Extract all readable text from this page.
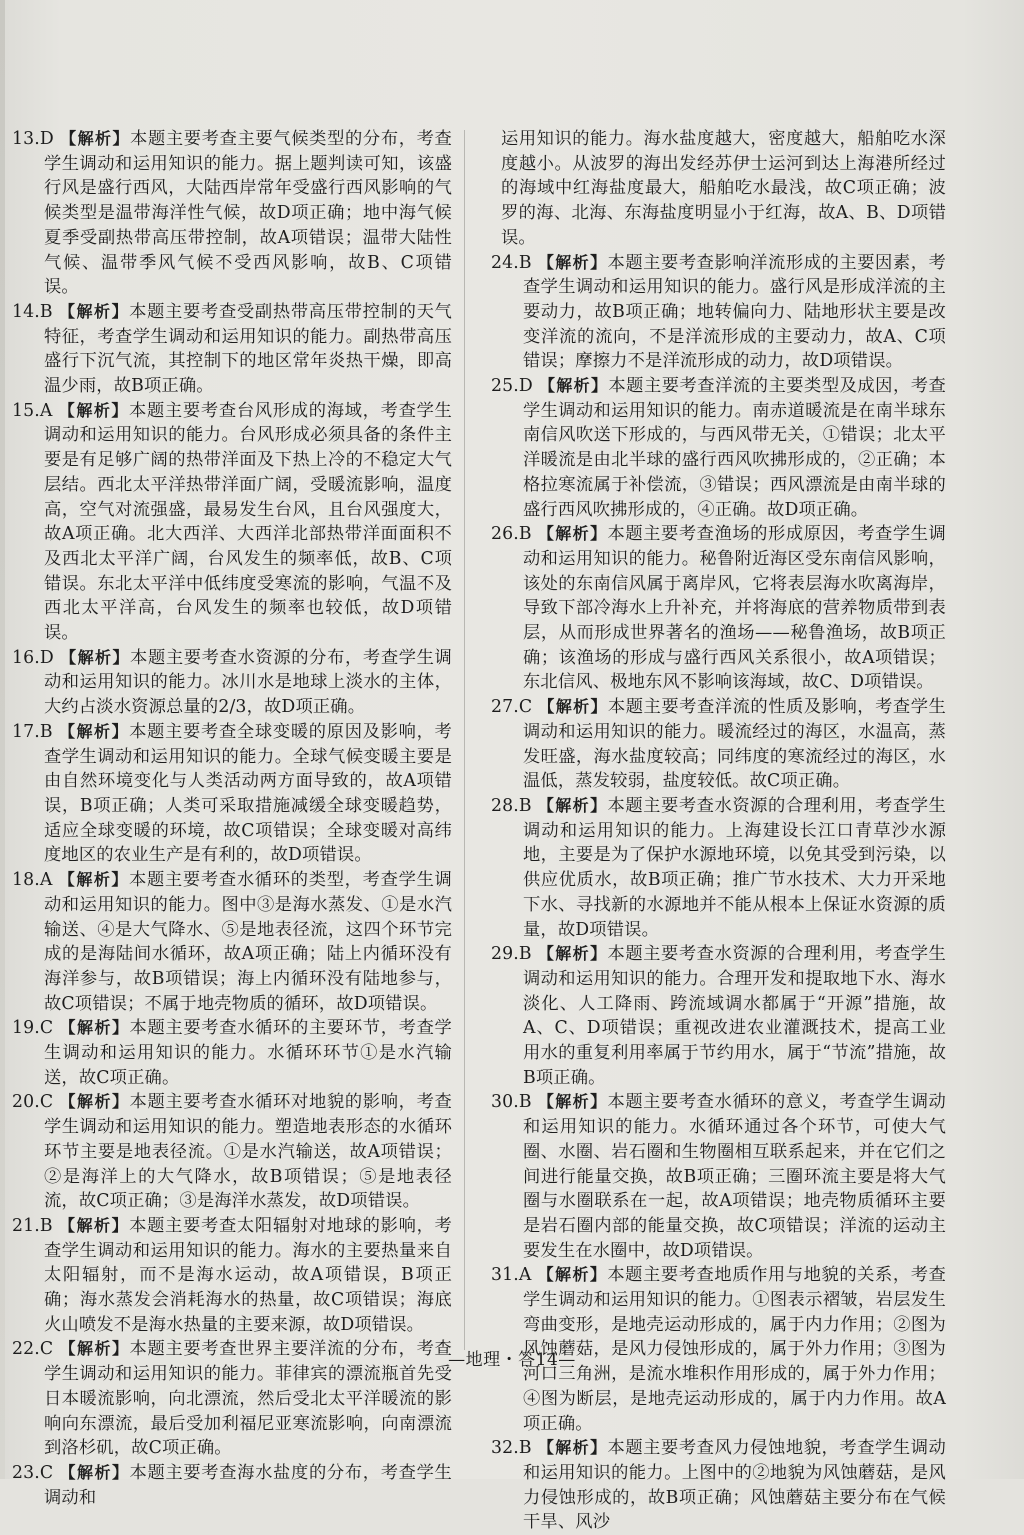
13.D 【解析】本题主要考查主要气候类型的分布，考查学生调动和运用知识的能力。据上题判读可知，该盛行风是盛行西风，大陆西岸常年受盛行西风影响的气候类型是温带海洋性气候，故D项正确；地中海气候夏季受副热带高压带控制，故A项错误；温带大陆性气候、温带季风气候不受西风影响，故B、C项错误。
14.B 【解析】本题主要考查受副热带高压带控制的天气特征，考查学生调动和运用知识的能力。副热带高压盛行下沉气流，其控制下的地区常年炎热干燥，即高温少雨，故B项正确。
15.A 【解析】本题主要考查台风形成的海域，考查学生调动和运用知识的能力。台风形成必须具备的条件主要是有足够广阔的热带洋面及下热上冷的不稳定大气层结。西北太平洋热带洋面广阔，受暖流影响，温度高，空气对流强盛，最易发生台风，且台风强度大，故A项正确。北大西洋、大西洋北部热带洋面面积不及西北太平洋广阔，台风发生的频率低，故B、C项错误。东北太平洋中低纬度受寒流的影响，气温不及西北太平洋高，台风发生的频率也较低，故D项错误。
16.D 【解析】本题主要考查水资源的分布，考查学生调动和运用知识的能力。冰川水是地球上淡水的主体，大约占淡水资源总量的2/3，故D项正确。
17.B 【解析】本题主要考查全球变暖的原因及影响，考查学生调动和运用知识的能力。全球气候变暖主要是由自然环境变化与人类活动两方面导致的，故A项错误，B项正确；人类可采取措施减缓全球变暖趋势，适应全球变暖的环境，故C项错误；全球变暖对高纬度地区的农业生产是有利的，故D项错误。
18.A 【解析】本题主要考查水循环的类型，考查学生调动和运用知识的能力。图中③是海水蒸发、①是水汽输送、④是大气降水、⑤是地表径流，这四个环节完成的是海陆间水循环，故A项正确；陆上内循环没有海洋参与，故B项错误；海上内循环没有陆地参与，故C项错误；不属于地壳物质的循环，故D项错误。
19.C 【解析】本题主要考查水循环的主要环节，考查学生调动和运用知识的能力。水循环环节①是水汽输送，故C项正确。
20.C 【解析】本题主要考查水循环对地貌的影响，考查学生调动和运用知识的能力。塑造地表形态的水循环环节主要是地表径流。①是水汽输送，故A项错误；②是海洋上的大气降水，故B项错误；⑤是地表径流，故C项正确；③是海洋水蒸发，故D项错误。
21.B 【解析】本题主要考查太阳辐射对地球的影响，考查学生调动和运用知识的能力。海水的主要热量来自太阳辐射，而不是海水运动，故A项错误，B项正确；海水蒸发会消耗海水的热量，故C项错误；海底火山喷发不是海水热量的主要来源，故D项错误。
22.C 【解析】本题主要考查世界主要洋流的分布，考查学生调动和运用知识的能力。菲律宾的漂流瓶首先受日本暖流影响，向北漂流，然后受北太平洋暖流的影响向东漂流，最后受加利福尼亚寒流影响，向南漂流到洛杉矶，故C项正确。
23.C 【解析】本题主要考查海水盐度的分布，考查学生调动和
运用知识的能力。海水盐度越大，密度越大，船舶吃水深度越小。从波罗的海出发经苏伊士运河到达上海港所经过的海域中红海盐度最大，船舶吃水最浅，故C项正确；波罗的海、北海、东海盐度明显小于红海，故A、B、D项错误。
24.B 【解析】本题主要考查影响洋流形成的主要因素，考查学生调动和运用知识的能力。盛行风是形成洋流的主要动力，故B项正确；地转偏向力、陆地形状主要是改变洋流的流向，不是洋流形成的主要动力，故A、C项错误；摩擦力不是洋流形成的动力，故D项错误。
25.D 【解析】本题主要考查洋流的主要类型及成因，考查学生调动和运用知识的能力。南赤道暖流是在南半球东南信风吹送下形成的，与西风带无关，①错误；北太平洋暖流是由北半球的盛行西风吹拂形成的，②正确；本格拉寒流属于补偿流，③错误；西风漂流是由南半球的盛行西风吹拂形成的，④正确。故D项正确。
26.B 【解析】本题主要考查渔场的形成原因，考查学生调动和运用知识的能力。秘鲁附近海区受东南信风影响，该处的东南信风属于离岸风，它将表层海水吹离海岸，导致下部冷海水上升补充，并将海底的营养物质带到表层，从而形成世界著名的渔场——秘鲁渔场，故B项正确；该渔场的形成与盛行西风关系很小，故A项错误；东北信风、极地东风不影响该海域，故C、D项错误。
27.C 【解析】本题主要考查洋流的性质及影响，考查学生调动和运用知识的能力。暖流经过的海区，水温高，蒸发旺盛，海水盐度较高；同纬度的寒流经过的海区，水温低，蒸发较弱，盐度较低。故C项正确。
28.B 【解析】本题主要考查水资源的合理利用，考查学生调动和运用知识的能力。上海建设长江口青草沙水源地，主要是为了保护水源地环境，以免其受到污染，以供应优质水，故B项正确；推广节水技术、大力开采地下水、寻找新的水源地并不能从根本上保证水资源的质量，故D项错误。
29.B 【解析】本题主要考查水资源的合理利用，考查学生调动和运用知识的能力。合理开发和提取地下水、海水淡化、人工降雨、跨流域调水都属于“开源”措施，故A、C、D项错误；重视改进农业灌溉技术，提高工业用水的重复利用率属于节约用水，属于“节流”措施，故B项正确。
30.B 【解析】本题主要考查水循环的意义，考查学生调动和运用知识的能力。水循环通过各个环节，可使大气圈、水圈、岩石圈和生物圈相互联系起来，并在它们之间进行能量交换，故B项正确；三圈环流主要是将大气圈与水圈联系在一起，故A项错误；地壳物质循环主要是岩石圈内部的能量交换，故C项错误；洋流的运动主要发生在水圈中，故D项错误。
31.A 【解析】本题主要考查地质作用与地貌的关系，考查学生调动和运用知识的能力。①图表示褶皱，岩层发生弯曲变形，是地壳运动形成的，属于内力作用；②图为风蚀蘑菇，是风力侵蚀形成的，属于外力作用；③图为河口三角洲，是流水堆积作用形成的，属于外力作用；④图为断层，是地壳运动形成的，属于内力作用。故A项正确。
32.B 【解析】本题主要考查风力侵蚀地貌，考查学生调动和运用知识的能力。上图中的②地貌为风蚀蘑菇，是风力侵蚀形成的，故B项正确；风蚀蘑菇主要分布在气候干旱、风沙
—地理・答14—
